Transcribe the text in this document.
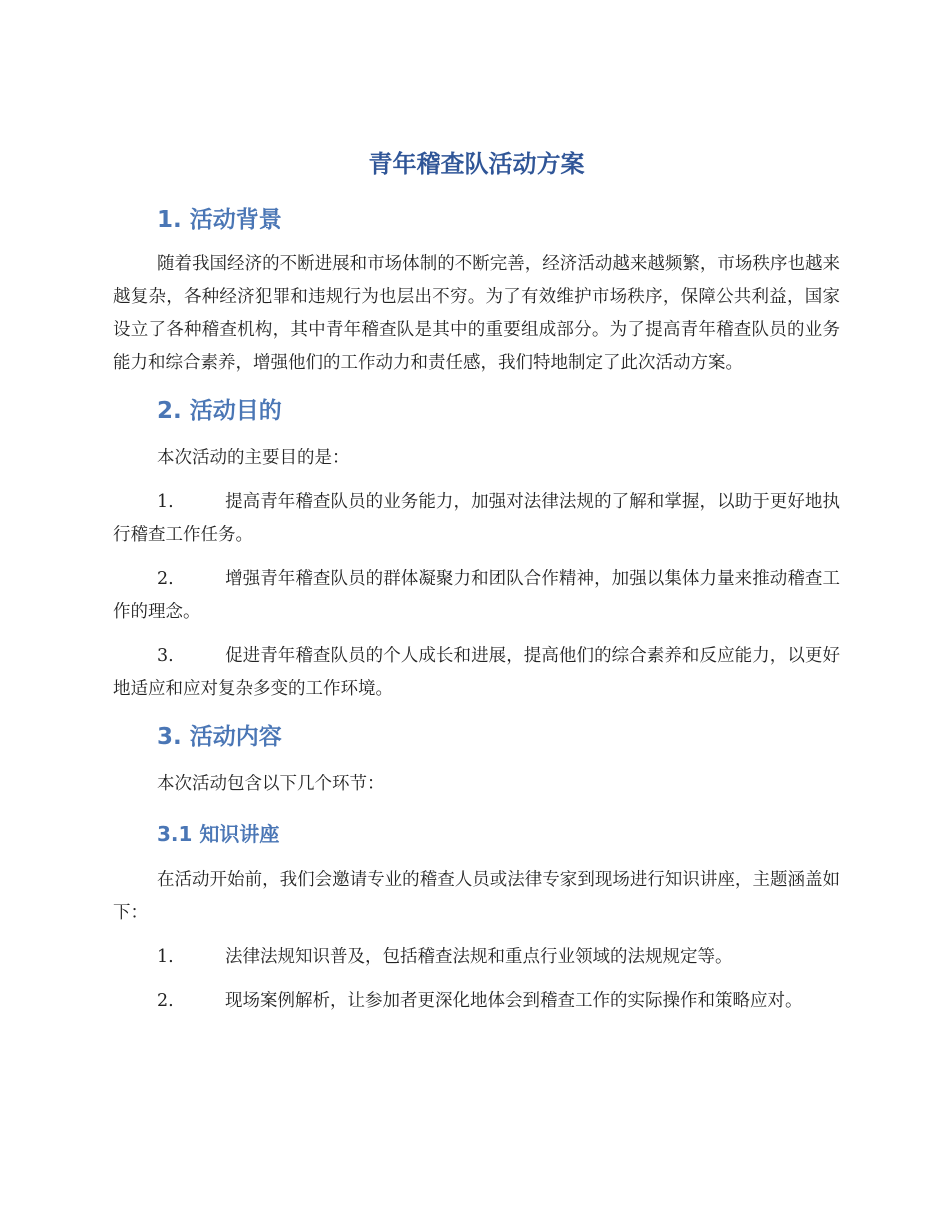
青年稽查队活动方案
1. 活动背景

随着我国经济的不断进展和市场体制的不断完善，经济活动越来越频繁，市场秩序也越来越复杂，各种经济犯罪和违规行为也层出不穷。为了有效维护市场秩序，保障公共利益，国家设立了各种稽查机构，其中青年稽查队是其中的重要组成部分。为了提高青年稽查队员的业务能力和综合素养，增强他们的工作动力和责任感，我们特地制定了此次活动方案。

2. 活动目的

本次活动的主要目的是：

1.	提高青年稽查队员的业务能力，加强对法律法规的了解和掌握，以助于更好地执行稽查工作任务。

2.	增强青年稽查队员的群体凝聚力和团队合作精神，加强以集体力量来推动稽查工作的理念。

3.	促进青年稽查队员的个人成长和进展，提高他们的综合素养和反应能力，以更好地适应和应对复杂多变的工作环境。

3. 活动内容

本次活动包含以下几个环节：

3.1 知识讲座

在活动开始前，我们会邀请专业的稽查人员或法律专家到现场进行知识讲座，主题涵盖如下：

1.	法律法规知识普及，包括稽查法规和重点行业领域的法规规定等。

2.	现场案例解析，让参加者更深化地体会到稽查工作的实际操作和策略应对。
